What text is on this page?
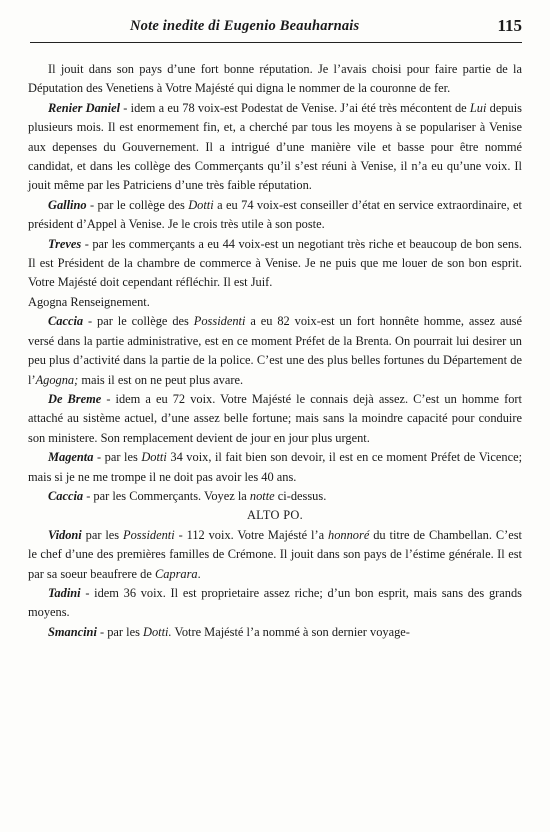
Note inedite di Eugenio Beauharnais	115

Il jouit dans son pays d’une fort bonne réputation. Je l’avais choisi pour faire partie de la Députation des Venetiens à Votre Majésté qui digna le nommer de la couronne de fer.

Renier Daniel - idem a eu 78 voix-est Podestat de Venise. J’ai été très mécontent de Lui depuis plusieurs mois. Il est enormement fin, et, a cherché par tous les moyens à se populariser à Venise aux depenses du Gouvernement. Il a intrigué d’une manière vile et basse pour être nommé candidat, et dans les collège des Commerçants qu’il s’est réuni à Venise, il n’a eu qu’une voix. Il jouit même par les Patriciens d’une très faible réputation.

Gallino - par le collège des Dotti a eu 74 voix-est conseiller d’état en service extraordinaire, et président d’Appel à Venise. Je le crois très utile à son poste.

Treves - par les commerçants a eu 44 voix-est un negotiant très riche et beaucoup de bon sens. Il est Président de la chambre de commerce à Venise. Je ne puis que me louer de son bon esprit. Votre Majésté doit cependant réfléchir. Il est Juif.

Agogna Renseignement.

Caccia - par le collège des Possidenti a eu 82 voix-est un fort honnête homme, assez ausé versé dans la partie administrative, est en ce moment Préfet de la Brenta. On pourrait lui desirer un peu plus d’activité dans la partie de la police. C’est une des plus belles fortunes du Département de l’Agogna; mais il est on ne peut plus avare.

De Breme - idem a eu 72 voix. Votre Majésté le connais dejà assez. C’est un homme fort attaché au sistème actuel, d’une assez belle fortune; mais sans la moindre capacité pour conduire son ministere. Son remplacement devient de jour en jour plus urgent.

Magenta - par les Dotti 34 voix, il fait bien son devoir, il est en ce moment Préfet de Vicence; mais si je ne me trompe il ne doit pas avoir les 40 ans.

Caccia - par les Commerçants. Voyez la notte ci-dessus.

ALTO PO.

Vidoni par les Possidenti - 112 voix. Votre Majésté l’a honnoré du titre de Chambellan. C’est le chef d’une des premières familles de Crémone. Il jouit dans son pays de l’éstime générale. Il est par sa soeur beaufrere de Caprara.

Tadini - idem 36 voix. Il est proprietaire assez riche; d’un bon esprit, mais sans des grands moyens.

Smancini - par les Dotti. Votre Majésté l’a nommé à son dernier voyage-
